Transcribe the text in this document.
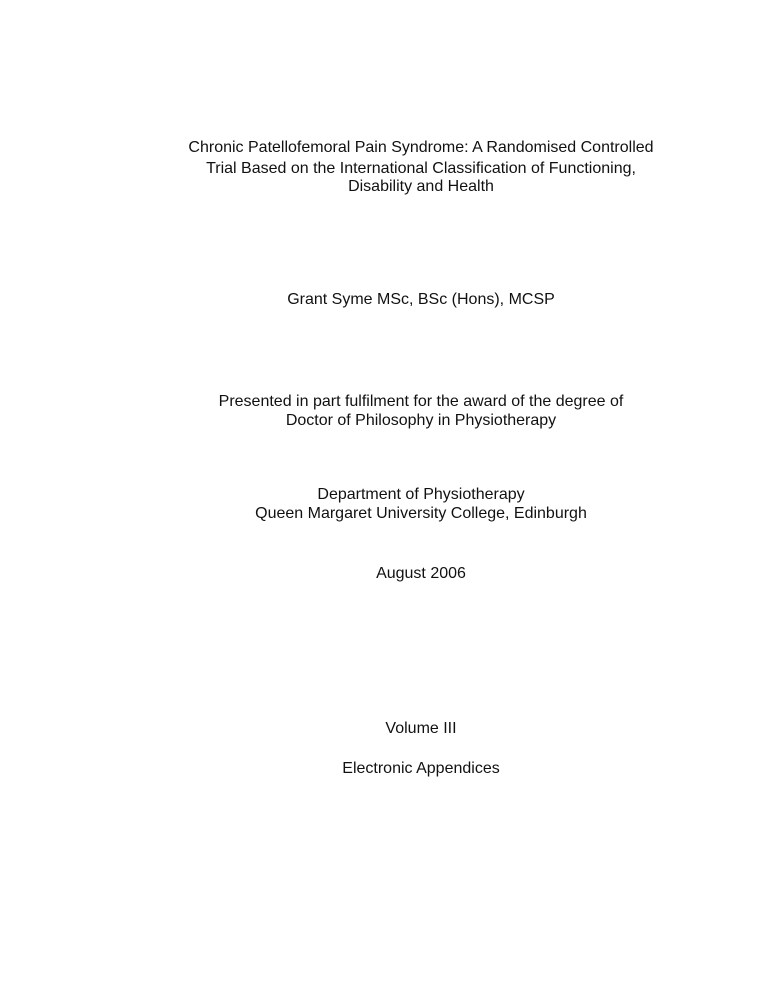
Chronic Patellofemoral Pain Syndrome: A Randomised Controlled
Trial Based on the International Classification of Functioning,
Disability and Health
Grant Syme MSc, BSc (Hons), MCSP
Presented in part fulfilment for the award of the degree of
Doctor of Philosophy in Physiotherapy
Department of Physiotherapy
Queen Margaret University College, Edinburgh
August 2006
Volume III
Electronic Appendices
